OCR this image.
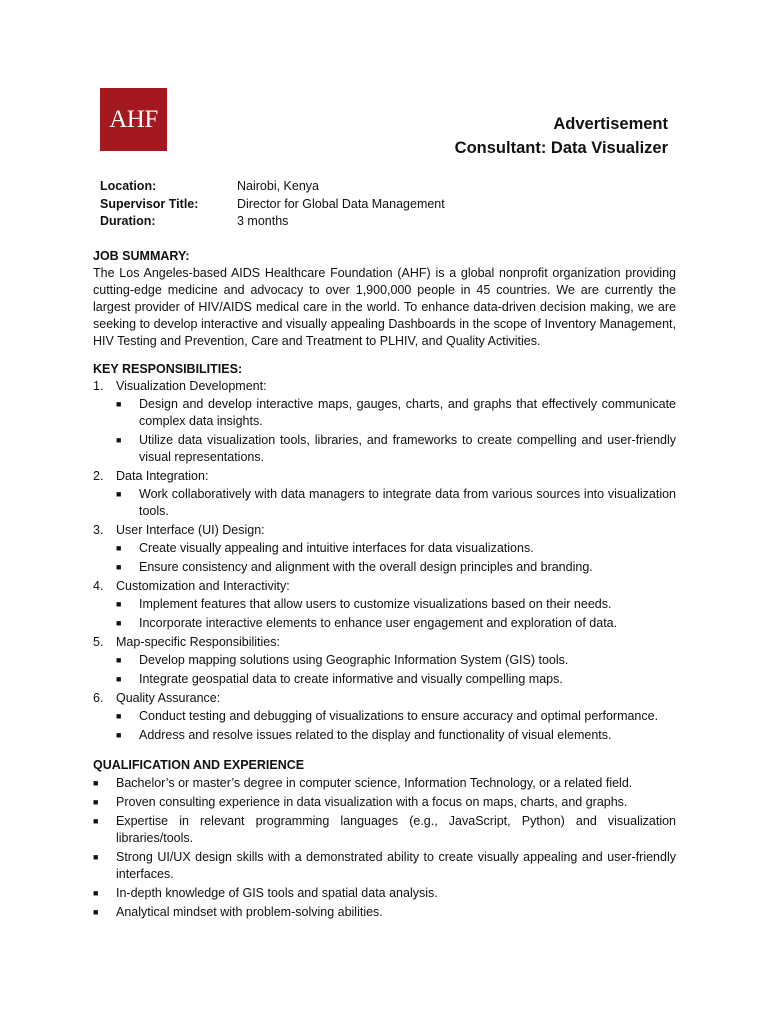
AHF	Advertisement
Consultant: Data Visualizer
Location:	Nairobi, Kenya
Supervisor Title:	Director for Global Data Management
Duration:	3 months
JOB SUMMARY:
The Los Angeles-based AIDS Healthcare Foundation (AHF) is a global nonprofit organization providing cutting-edge medicine and advocacy to over 1,900,000 people in 45 countries. We are currently the largest provider of HIV/AIDS medical care in the world. To enhance data-driven decision making, we are seeking to develop interactive and visually appealing Dashboards in the scope of Inventory Management, HIV Testing and Prevention, Care and Treatment to PLHIV, and Quality Activities.
KEY RESPONSIBILITIES:
1.	Visualization Development:
■	Design and develop interactive maps, gauges, charts, and graphs that effectively communicate complex data insights.
■	Utilize data visualization tools, libraries, and frameworks to create compelling and user-friendly visual representations.
2.	Data Integration:
■	Work collaboratively with data managers to integrate data from various sources into visualization tools.
3.	User Interface (UI) Design:
■	Create visually appealing and intuitive interfaces for data visualizations.
■	Ensure consistency and alignment with the overall design principles and branding.
4.	Customization and Interactivity:
■	Implement features that allow users to customize visualizations based on their needs.
■	Incorporate interactive elements to enhance user engagement and exploration of data.
5.	Map-specific Responsibilities:
■	Develop mapping solutions using Geographic Information System (GIS) tools.
■	Integrate geospatial data to create informative and visually compelling maps.
6.	Quality Assurance:
■	Conduct testing and debugging of visualizations to ensure accuracy and optimal performance.
■	Address and resolve issues related to the display and functionality of visual elements.
QUALIFICATION AND EXPERIENCE
■	Bachelor’s or master’s degree in computer science, Information Technology, or a related field.
■	Proven consulting experience in data visualization with a focus on maps, charts, and graphs.
■	Expertise in relevant programming languages (e.g., JavaScript, Python) and visualization libraries/tools.
■	Strong UI/UX design skills with a demonstrated ability to create visually appealing and user-friendly interfaces.
■	In-depth knowledge of GIS tools and spatial data analysis.
■	Analytical mindset with problem-solving abilities.
